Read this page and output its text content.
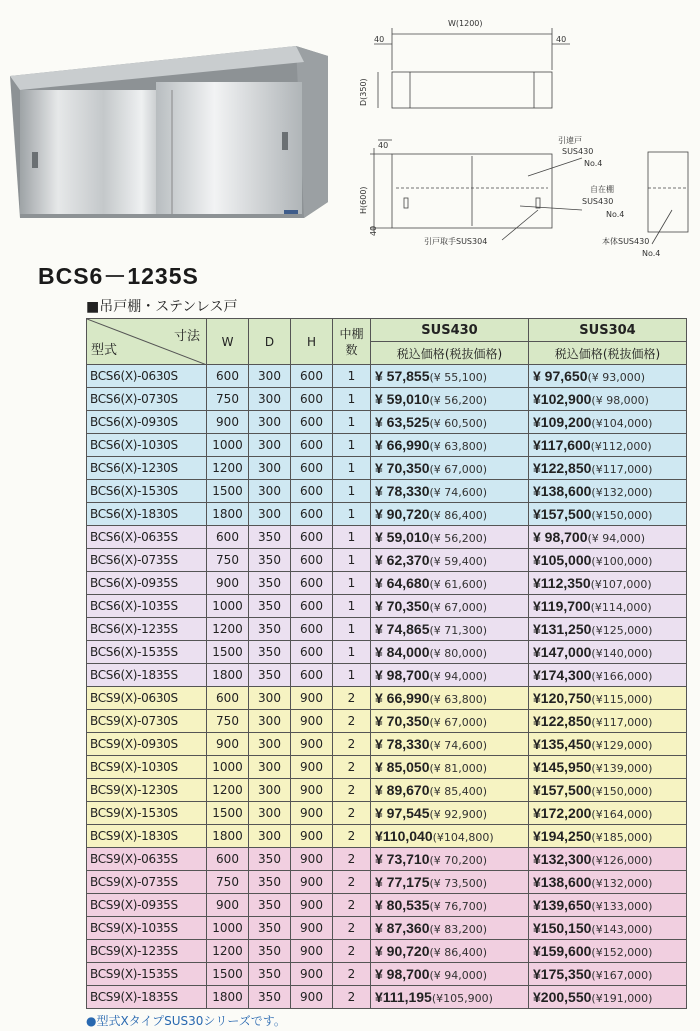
BCS6－1235S
W(1200)
40	40
D(350)
40
H(600)
40
引違戸
SUS430
No.4
自在棚
SUS430
No.4
引戸取手SUS304	本体SUS430
No.4
■吊戸棚・ステンレス戸
寸法
型式	W	D	H	中棚
数	SUS430	SUS304
					税込価格(税抜価格)	税込価格(税抜価格)
BCS6(X)-0630S	600	300	600	1	¥ 57,855(¥ 55,100)	¥ 97,650(¥ 93,000)
BCS6(X)-0730S	750	300	600	1	¥ 59,010(¥ 56,200)	¥102,900(¥ 98,000)
BCS6(X)-0930S	900	300	600	1	¥ 63,525(¥ 60,500)	¥109,200(¥104,000)
BCS6(X)-1030S	1000	300	600	1	¥ 66,990(¥ 63,800)	¥117,600(¥112,000)
BCS6(X)-1230S	1200	300	600	1	¥ 70,350(¥ 67,000)	¥122,850(¥117,000)
BCS6(X)-1530S	1500	300	600	1	¥ 78,330(¥ 74,600)	¥138,600(¥132,000)
BCS6(X)-1830S	1800	300	600	1	¥ 90,720(¥ 86,400)	¥157,500(¥150,000)
BCS6(X)-0635S	600	350	600	1	¥ 59,010(¥ 56,200)	¥ 98,700(¥ 94,000)
BCS6(X)-0735S	750	350	600	1	¥ 62,370(¥ 59,400)	¥105,000(¥100,000)
BCS6(X)-0935S	900	350	600	1	¥ 64,680(¥ 61,600)	¥112,350(¥107,000)
BCS6(X)-1035S	1000	350	600	1	¥ 70,350(¥ 67,000)	¥119,700(¥114,000)
BCS6(X)-1235S	1200	350	600	1	¥ 74,865(¥ 71,300)	¥131,250(¥125,000)
BCS6(X)-1535S	1500	350	600	1	¥ 84,000(¥ 80,000)	¥147,000(¥140,000)
BCS6(X)-1835S	1800	350	600	1	¥ 98,700(¥ 94,000)	¥174,300(¥166,000)
BCS9(X)-0630S	600	300	900	2	¥ 66,990(¥ 63,800)	¥120,750(¥115,000)
BCS9(X)-0730S	750	300	900	2	¥ 70,350(¥ 67,000)	¥122,850(¥117,000)
BCS9(X)-0930S	900	300	900	2	¥ 78,330(¥ 74,600)	¥135,450(¥129,000)
BCS9(X)-1030S	1000	300	900	2	¥ 85,050(¥ 81,000)	¥145,950(¥139,000)
BCS9(X)-1230S	1200	300	900	2	¥ 89,670(¥ 85,400)	¥157,500(¥150,000)
BCS9(X)-1530S	1500	300	900	2	¥ 97,545(¥ 92,900)	¥172,200(¥164,000)
BCS9(X)-1830S	1800	300	900	2	¥110,040(¥104,800)	¥194,250(¥185,000)
BCS9(X)-0635S	600	350	900	2	¥ 73,710(¥ 70,200)	¥132,300(¥126,000)
BCS9(X)-0735S	750	350	900	2	¥ 77,175(¥ 73,500)	¥138,600(¥132,000)
BCS9(X)-0935S	900	350	900	2	¥ 80,535(¥ 76,700)	¥139,650(¥133,000)
BCS9(X)-1035S	1000	350	900	2	¥ 87,360(¥ 83,200)	¥150,150(¥143,000)
BCS9(X)-1235S	1200	350	900	2	¥ 90,720(¥ 86,400)	¥159,600(¥152,000)
BCS9(X)-1535S	1500	350	900	2	¥ 98,700(¥ 94,000)	¥175,350(¥167,000)
BCS9(X)-1835S	1800	350	900	2	¥111,195(¥105,900)	¥200,550(¥191,000)
●型式XタイプSUS30シリーズです。
